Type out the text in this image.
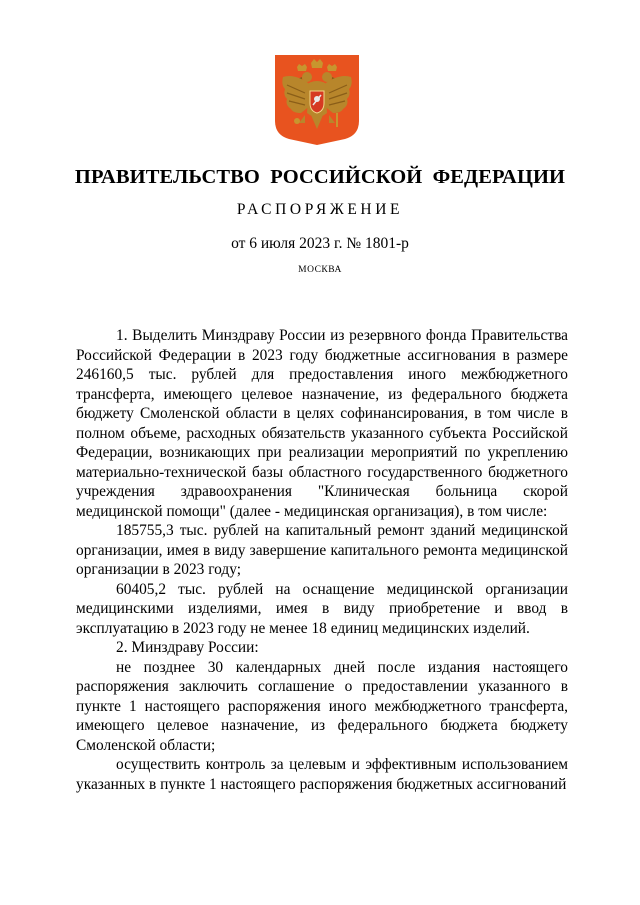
ПРАВИТЕЛЬСТВО РОССИЙСКОЙ ФЕДЕРАЦИИ
РАСПОРЯЖЕНИЕ
от 6 июля 2023 г. № 1801-р
МОСКВА

1. Выделить Минздраву России из резервного фонда Правительства Российской Федерации в 2023 году бюджетные ассигнования в размере 246160,5 тыс. рублей для предоставления иного межбюджетного трансферта, имеющего целевое назначение, из федерального бюджета бюджету Смоленской области в целях софинансирования, в том числе в полном объеме, расходных обязательств указанного субъекта Российской Федерации, возникающих при реализации мероприятий по укреплению материально-технической базы областного государственного бюджетного учреждения здравоохранения "Клиническая больница скорой медицинской помощи" (далее - медицинская организация), в том числе:

185755,3 тыс. рублей на капитальный ремонт зданий медицинской организации, имея в виду завершение капитального ремонта медицинской организации в 2023 году;

60405,2 тыс. рублей на оснащение медицинской организации медицинскими изделиями, имея в виду приобретение и ввод в эксплуатацию в 2023 году не менее 18 единиц медицинских изделий.

2. Минздраву России:

не позднее 30 календарных дней после издания настоящего распоряжения заключить соглашение о предоставлении указанного в пункте 1 настоящего распоряжения иного межбюджетного трансферта, имеющего целевое назначение, из федерального бюджета бюджету Смоленской области;

осуществить контроль за целевым и эффективным использованием указанных в пункте 1 настоящего распоряжения бюджетных ассигнований
